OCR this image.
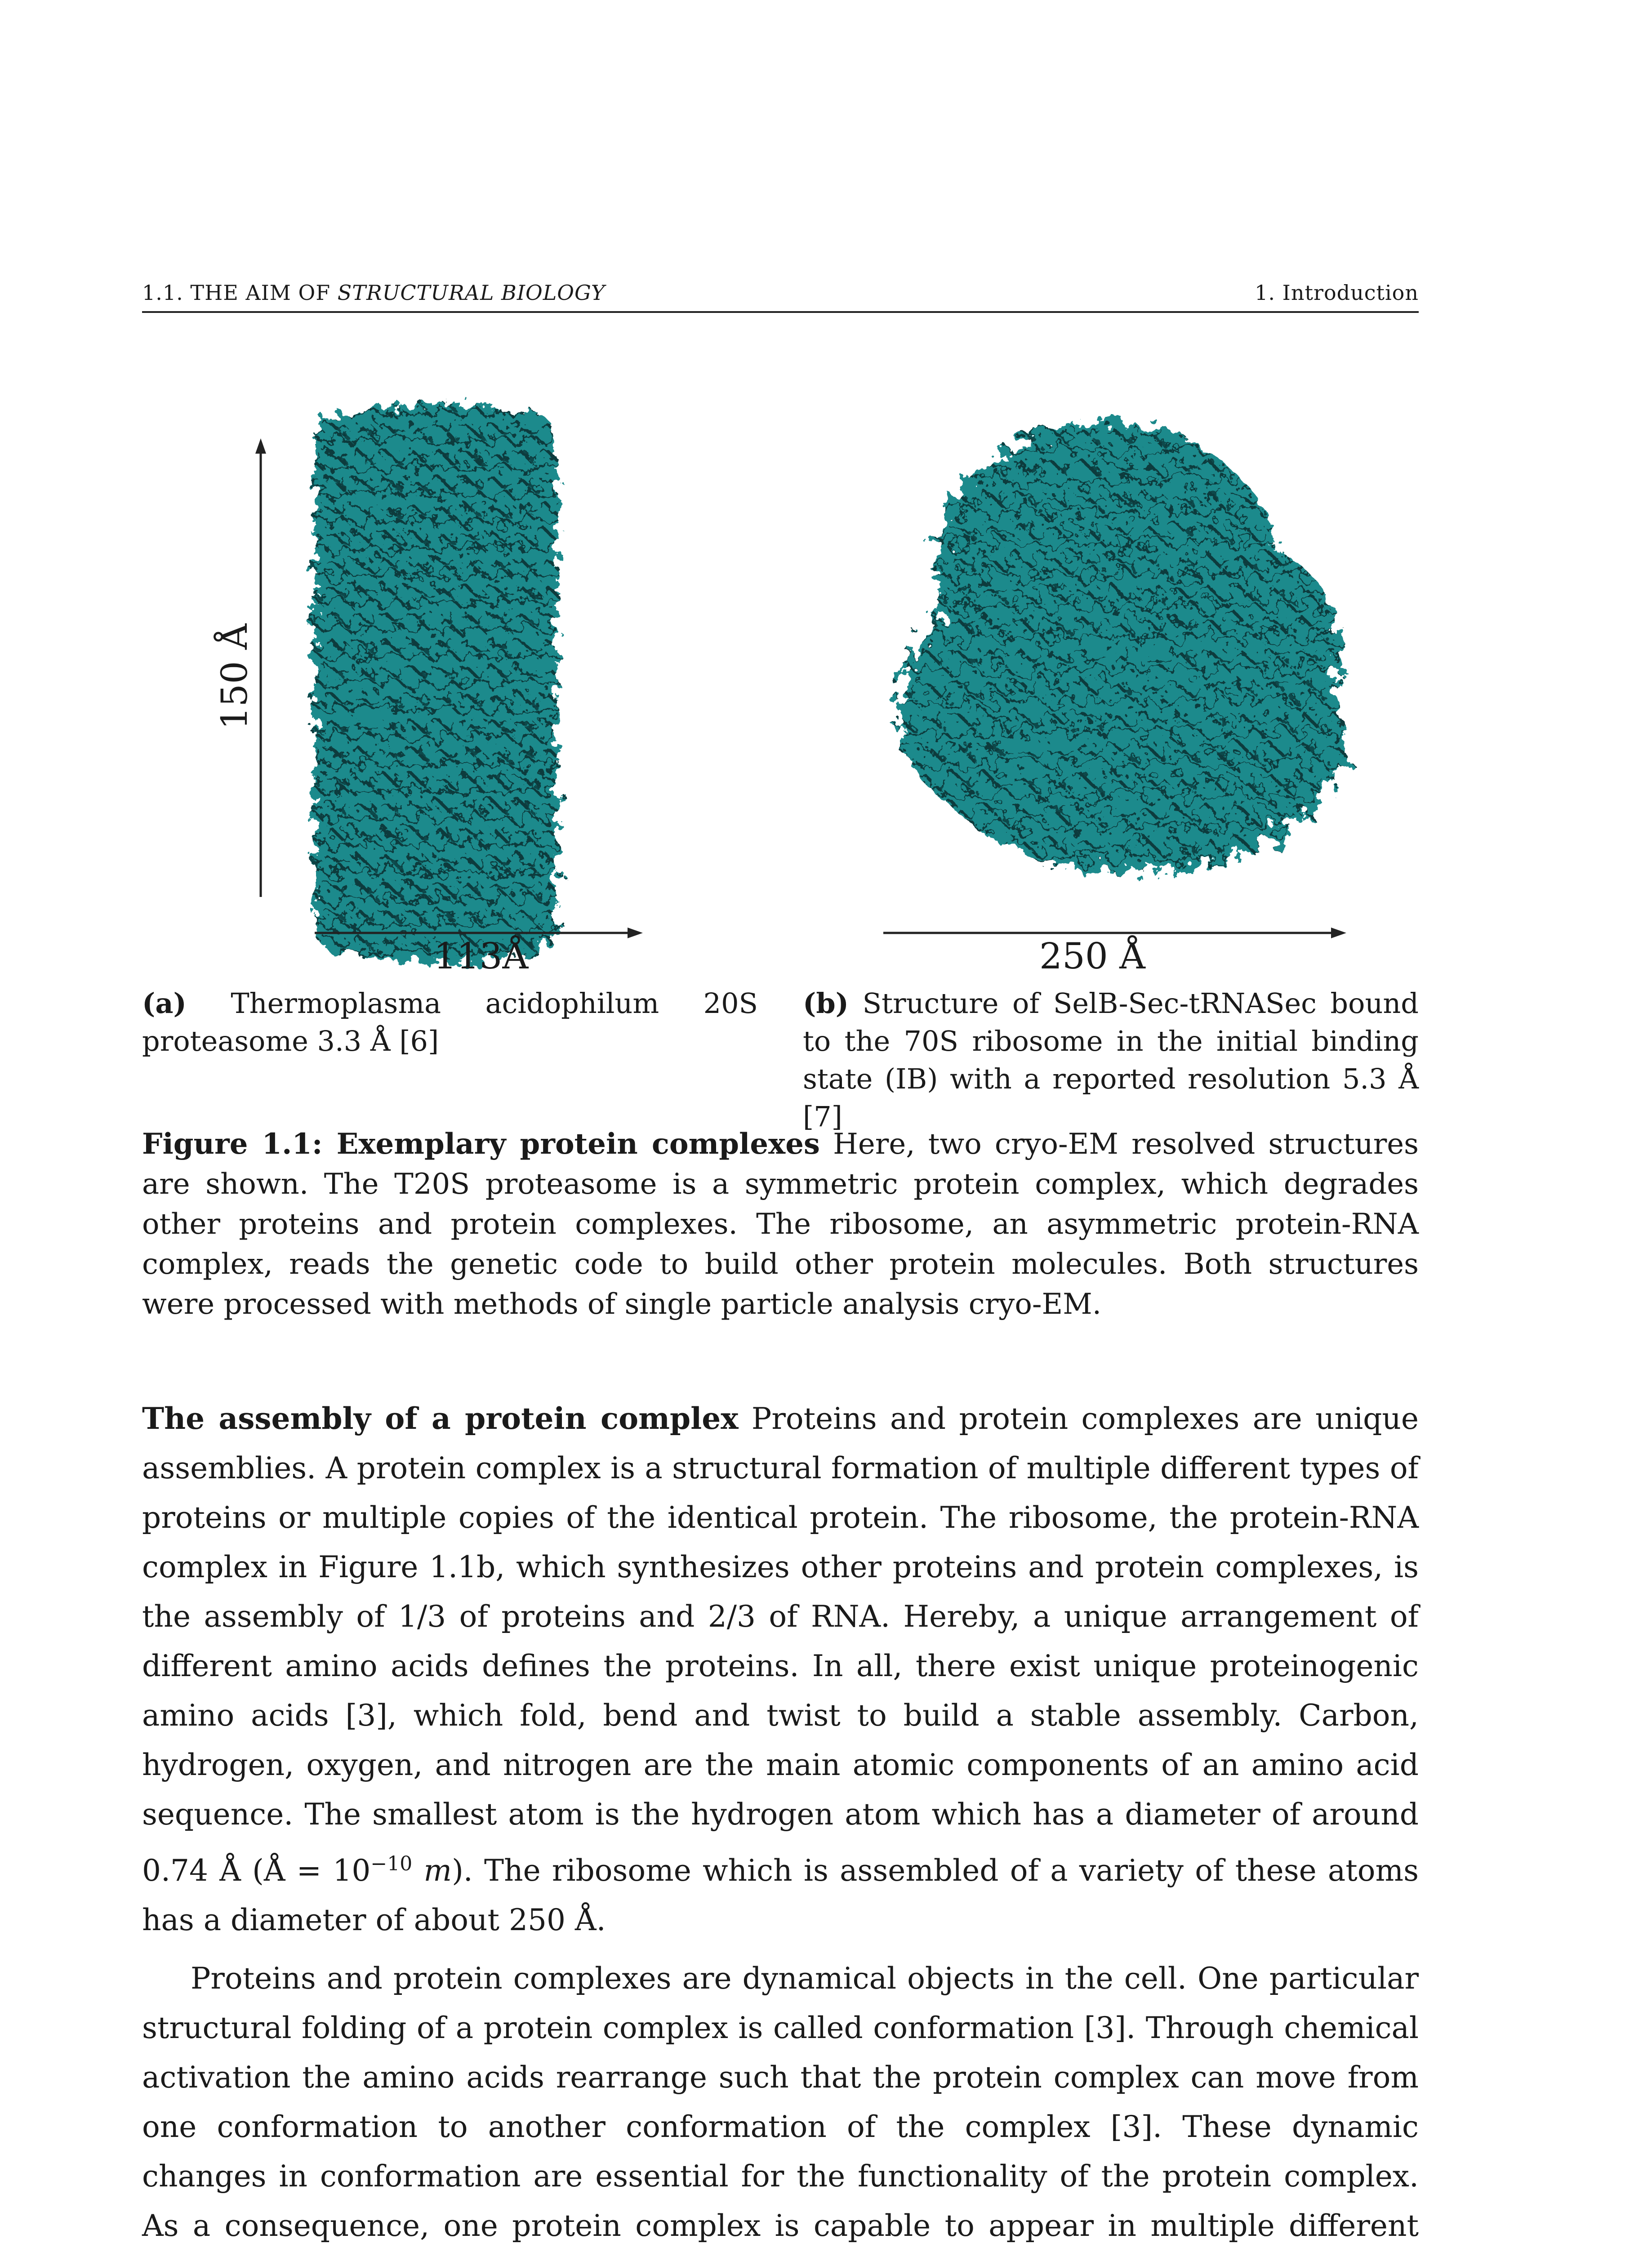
1.1. THE AIM OF STRUCTURAL BIOLOGY	1. Introduction
150 Å
113Å
(a) Thermoplasma acidophilum 20S proteasome 3.3 Å [6]
250 Å
(b) Structure of SelB-Sec-tRNASec bound to the 70S ribosome in the initial binding state (IB) with a reported resolution 5.3 Å [7]
Figure 1.1: Exemplary protein complexes Here, two cryo-EM resolved structures are shown. The T20S proteasome is a symmetric protein complex, which degrades other proteins and protein complexes. The ribosome, an asymmetric protein-RNA complex, reads the genetic code to build other protein molecules. Both structures were processed with methods of single particle analysis cryo-EM.

The assembly of a protein complex Proteins and protein complexes are unique assemblies. A protein complex is a structural formation of multiple different types of proteins or multiple copies of the identical protein. The ribosome, the protein-RNA complex in Figure 1.1b, which synthesizes other proteins and protein complexes, is the assembly of 1/3 of proteins and 2/3 of RNA. Hereby, a unique arrangement of different amino acids defines the proteins. In all, there exist unique proteinogenic amino acids [3], which fold, bend and twist to build a stable assembly. Carbon, hydrogen, oxygen, and nitrogen are the main atomic components of an amino acid sequence. The smallest atom is the hydrogen atom which has a diameter of around 0.74 Å (Å = $10^{-10}$ m). The ribosome which is assembled of a variety of these atoms has a diameter of about 250 Å.

Proteins and protein complexes are dynamical objects in the cell. One particular structural folding of a protein complex is called conformation [3]. Through chemical activation the amino acids rearrange such that the protein complex can move from one conformation to another conformation of the complex [3]. These dynamic changes in conformation are essential for the functionality of the protein complex. As a consequence, one protein complex is capable to appear in multiple different
